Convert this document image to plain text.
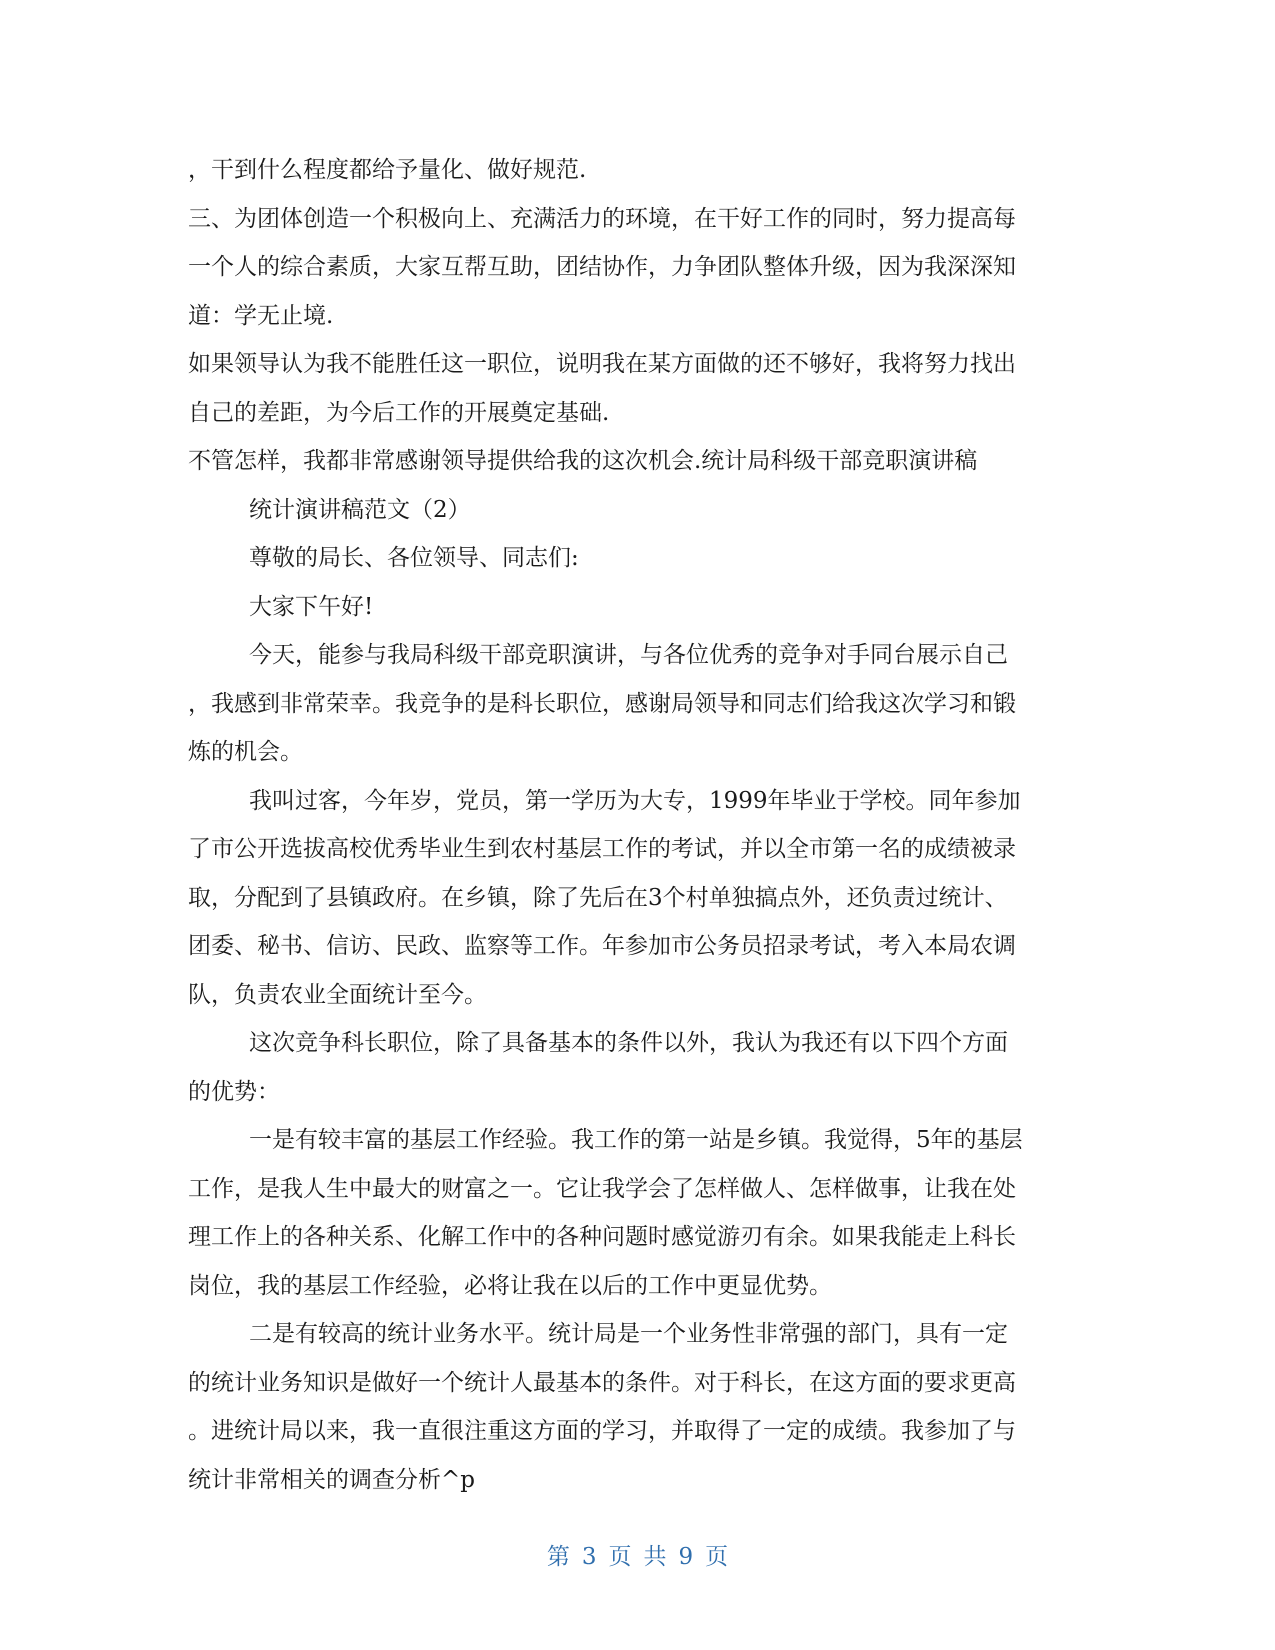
，干到什么程度都给予量化、做好规范.
三、为团体创造一个积极向上、充满活力的环境，在干好工作的同时，努力提高每
一个人的综合素质，大家互帮互助，团结协作，力争团队整体升级，因为我深深知
道：学无止境.
如果领导认为我不能胜任这一职位，说明我在某方面做的还不够好，我将努力找出
自己的差距，为今后工作的开展奠定基础.
不管怎样，我都非常感谢领导提供给我的这次机会.统计局科级干部竞职演讲稿
统计演讲稿范文（2）
尊敬的局长、各位领导、同志们:
大家下午好!
今天，能参与我局科级干部竞职演讲，与各位优秀的竞争对手同台展示自己
，我感到非常荣幸。我竞争的是科长职位，感谢局领导和同志们给我这次学习和锻
炼的机会。
我叫过客，今年岁，党员，第一学历为大专，1999年毕业于学校。同年参加
了市公开选拔高校优秀毕业生到农村基层工作的考试，并以全市第一名的成绩被录
取，分配到了县镇政府。在乡镇，除了先后在3个村单独搞点外，还负责过统计、
团委、秘书、信访、民政、监察等工作。年参加市公务员招录考试，考入本局农调
队，负责农业全面统计至今。
这次竞争科长职位，除了具备基本的条件以外，我认为我还有以下四个方面
的优势：
一是有较丰富的基层工作经验。我工作的第一站是乡镇。我觉得，5年的基层
工作，是我人生中最大的财富之一。它让我学会了怎样做人、怎样做事，让我在处
理工作上的各种关系、化解工作中的各种问题时感觉游刃有余。如果我能走上科长
岗位，我的基层工作经验，必将让我在以后的工作中更显优势。
二是有较高的统计业务水平。统计局是一个业务性非常强的部门，具有一定
的统计业务知识是做好一个统计人最基本的条件。对于科长，在这方面的要求更高
。进统计局以来，我一直很注重这方面的学习，并取得了一定的成绩。我参加了与
统计非常相关的调查分析^p
第 3 页 共 9 页
